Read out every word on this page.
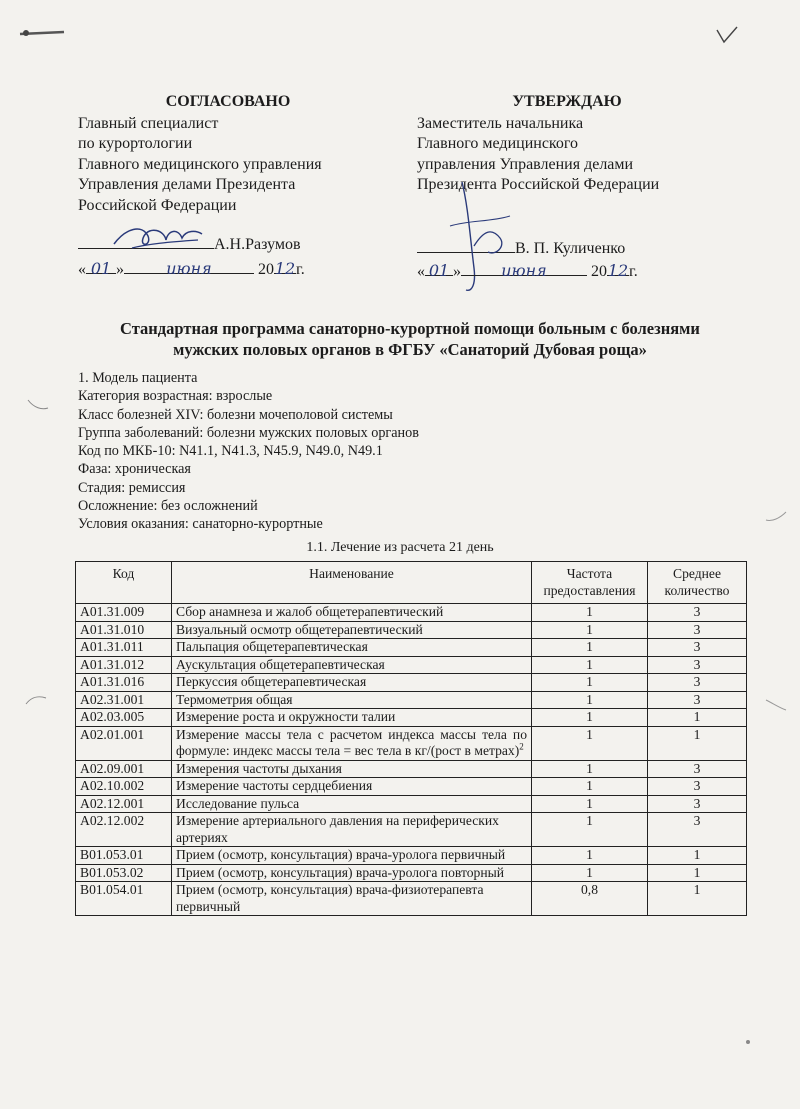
СОГЛАСОВАНО
Главный специалист
по курортологии
Главного медицинского управления
Управления делами Президента
Российской Федерации
А.Н.Разумов
« 01 »	июня	2012г.
УТВЕРЖДАЮ
Заместитель начальника
Главного медицинского
управления Управления делами
Президента Российской Федерации
В. П. Куличенко
« 01 »	июня	2012г.
Стандартная программа санаторно-курортной помощи больным с болезнями
мужских половых органов в ФГБУ «Санаторий Дубовая роща»
1. Модель пациента
Категория возрастная: взрослые
Класс болезней XIV: болезни мочеполовой системы
Группа заболеваний: болезни мужских половых органов
Код по МКБ-10: N41.1, N41.3, N45.9, N49.0, N49.1
Фаза: хроническая
Стадия: ремиссия
Осложнение: без осложнений
Условия оказания: санаторно-курортные
1.1. Лечение из расчета 21 день
Код	Наименование	Частота предоставления	Среднее количество
A01.31.009	Сбор анамнеза и жалоб общетерапевтический	1	3
A01.31.010	Визуальный осмотр общетерапевтический	1	3
A01.31.011	Пальпация общетерапевтическая	1	3
A01.31.012	Аускультация общетерапевтическая	1	3
A01.31.016	Перкуссия общетерапевтическая	1	3
A02.31.001	Термометрия общая	1	3
A02.03.005	Измерение роста и окружности талии	1	1
A02.01.001	Измерение массы тела с расчетом индекса массы тела по формуле: индекс массы тела = вес тела в кг/(рост в метрах)$^2$	1	1
A02.09.001	Измерения частоты дыхания	1	3
A02.10.002	Измерение частоты сердцебиения	1	3
A02.12.001	Исследование пульса	1	3
A02.12.002	Измерение артериального давления на периферических артериях	1	3
B01.053.01	Прием (осмотр, консультация) врача-уролога первичный	1	1
B01.053.02	Прием (осмотр, консультация) врача-уролога повторный	1	1
B01.054.01	Прием (осмотр, консультация) врача-физиотерапевта первичный	0,8	1
